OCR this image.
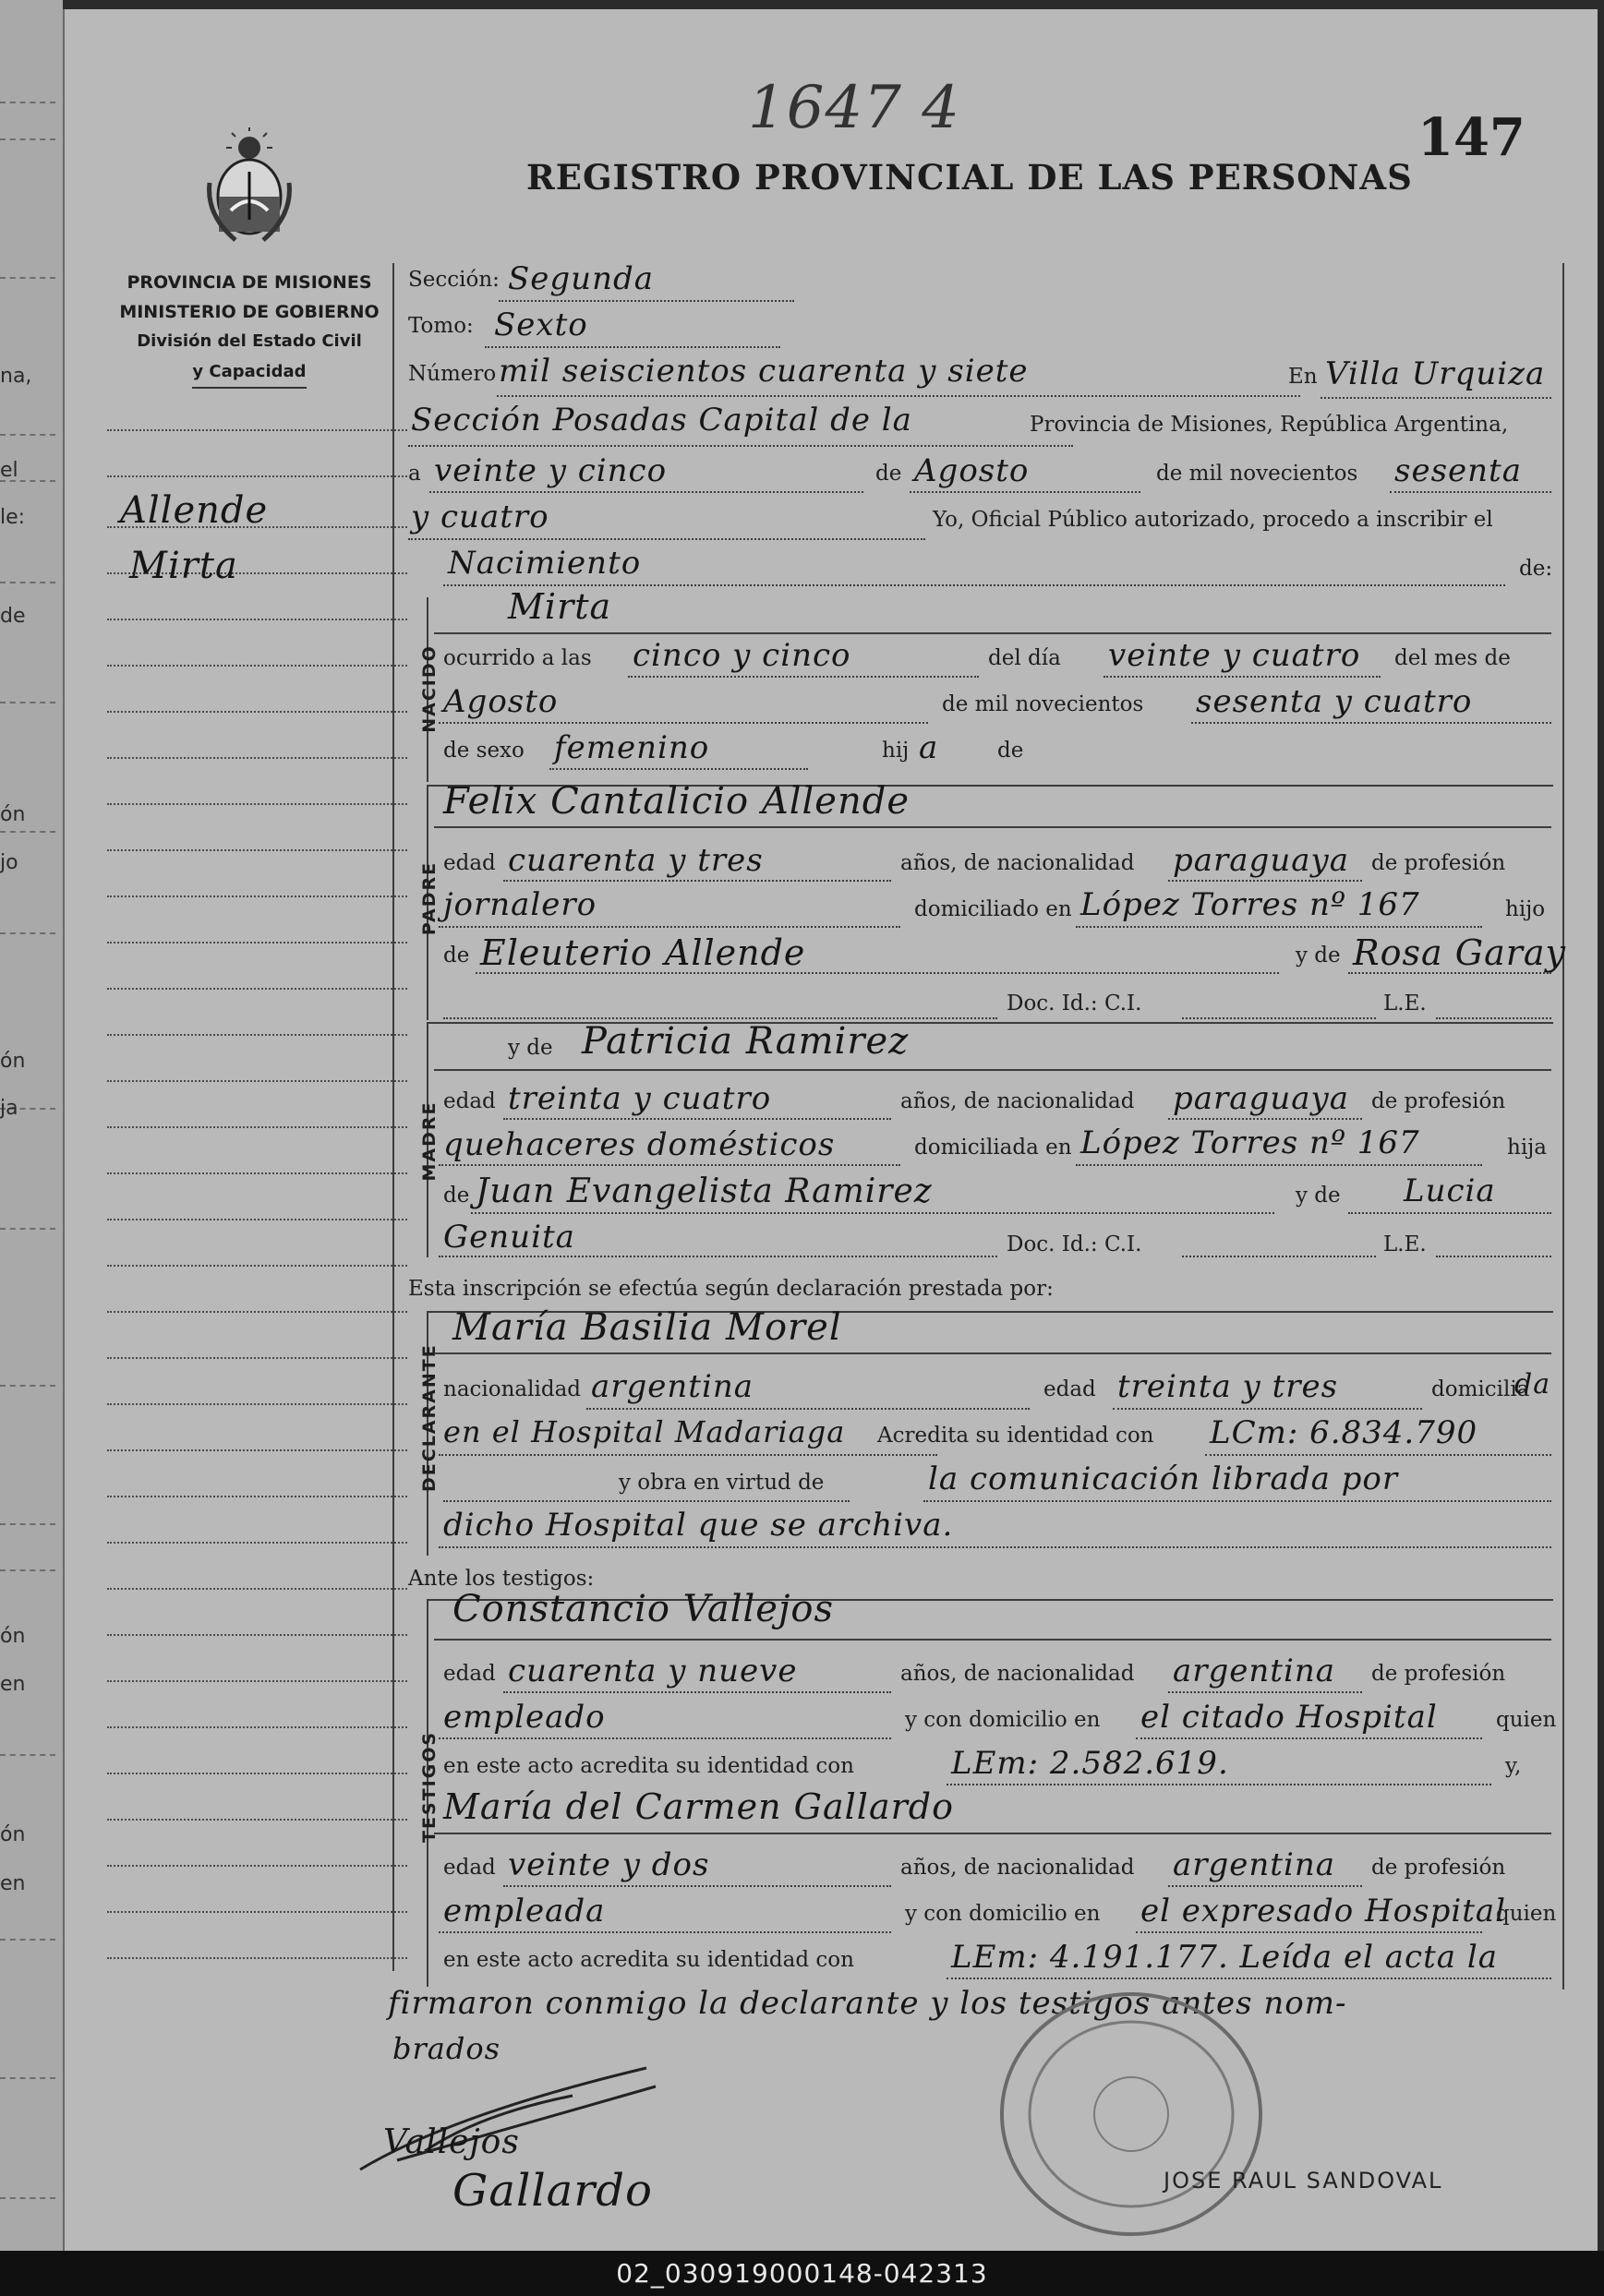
na,
el
le:
de
ón
jo
ón
ja
ón
en
ón
en
1647 4	147
REGISTRO PROVINCIAL DE LAS PERSONAS
PROVINCIA DE MISIONES
MINISTERIO DE GOBIERNO
División del Estado Civil
y Capacidad
Allende
Mirta
Sección: Segunda
Tomo: Sexto
Número mil seiscientos cuarenta y siete	En Villa Urquiza
Sección Posadas Capital de la	Provincia de Misiones, República Argentina,
a veinte y cinco	de Agosto	de mil novecientos sesenta
y cuatro	Yo, Oficial Público autorizado, procedo a inscribir el
Nacimiento	de:
NACIDO
Mirta
ocurrido a las cinco y cinco	del día veinte y cuatro del mes de
Agosto	de mil novecientos sesenta y cuatro
de sexo femenino	hij a	de
PADRE
Felix Cantalicio Allende
edad cuarenta y tres	años, de nacionalidad paraguaya de profesión
jornalero	domiciliado en López Torres nº 167	hijo
de Eleuterio Allende	y de Rosa Garay
Doc. Id.: C.I.	L.E.
MADRE
y de Patricia Ramirez
edad treinta y cuatro	años, de nacionalidad paraguaya de profesión
quehaceres domésticos	domiciliada en López Torres nº 167	hija
de Juan Evangelista Ramirez	y de Lucia
Genuita	Doc. Id.: C.I.	L.E.
Esta inscripción se efectúa según declaración prestada por:
DECLARANTE
María Basilia Morel
nacionalidad argentina	edad treinta y tres	domicilia
da
en el Hospital Madariaga Acredita su identidad con LCm: 6.834.790
y obra en virtud de	la comunicación librada por
dicho Hospital que se archiva.
Ante los testigos:
TESTIGOS
Constancio Vallejos
edad cuarenta y nueve	años, de nacionalidad argentina de profesión
empleado	y con domicilio en el citado Hospital	quien
en este acto acredita su identidad con	LEm: 2.582.619.	y,
María del Carmen Gallardo
edad veinte y dos	años, de nacionalidad argentina de profesión
empleada	y con domicilio en el expresado Hospital
quien
en este acto acredita su identidad con	LEm: 4.191.177. Leída el acta la
firmaron conmigo la declarante y los testigos antes nom-
brados
Vallejos
Gallardo	JOSE RAUL SANDOVAL
02_030919000148-042313
